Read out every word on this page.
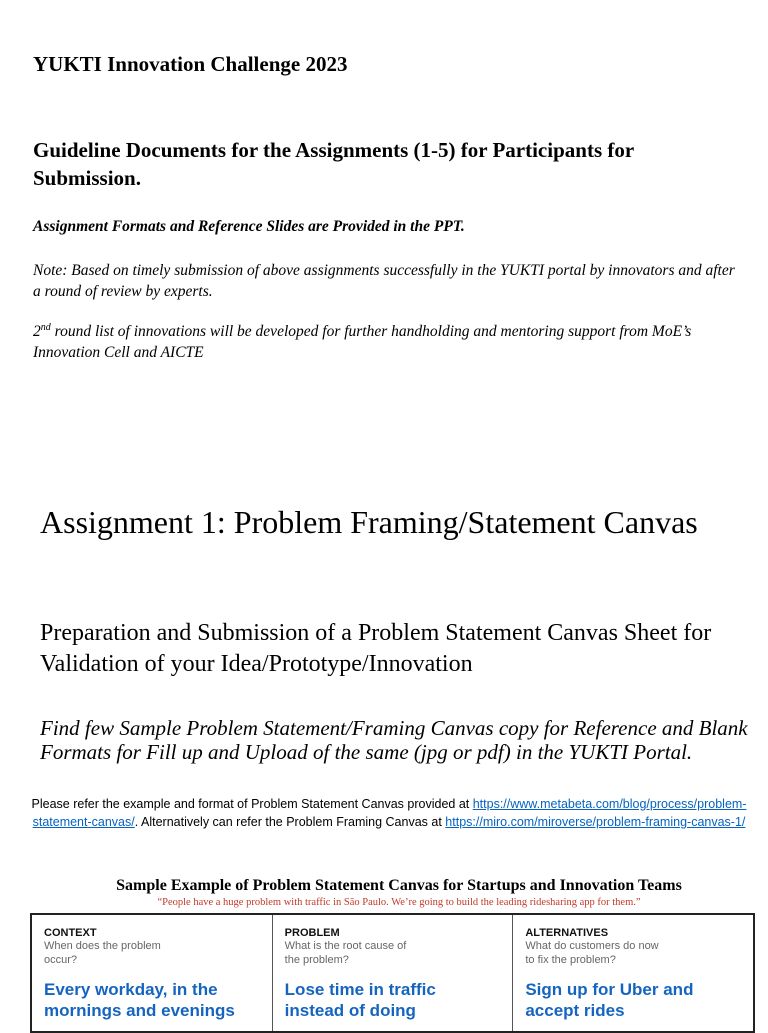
YUKTI Innovation Challenge 2023
Guideline Documents for the Assignments (1-5) for Participants for Submission.
Assignment Formats and Reference Slides are Provided in the PPT.
Note: Based on timely submission of above assignments successfully in the YUKTI portal by innovators and after a round of review by experts.
2nd round list of innovations will be developed for further handholding and mentoring support from MoE’s Innovation Cell and AICTE
Assignment 1: Problem Framing/Statement Canvas
Preparation and Submission of a Problem Statement Canvas Sheet for Validation of your Idea/Prototype/Innovation
Find few Sample Problem Statement/Framing Canvas copy for Reference and Blank Formats for Fill up and Upload of the same (jpg or pdf) in the YUKTI Portal.
Please refer the example and format of Problem Statement Canvas provided at https://www.metabeta.com/blog/process/problem-statement-canvas/. Alternatively can refer the Problem Framing Canvas at https://miro.com/miroverse/problem-framing-canvas-1/
Sample Example of Problem Statement Canvas for Startups and Innovation Teams
“People have a huge problem with traffic in São Paulo. We’re going to build the leading ridesharing app for them.”
CONTEXT
When does the problem occur?
Every workday, in the mornings and evenings
PROBLEM
What is the root cause of the problem?
Lose time in traffic instead of doing
ALTERNATIVES
What do customers do now to fix the problem?
Sign up for Uber and accept rides
